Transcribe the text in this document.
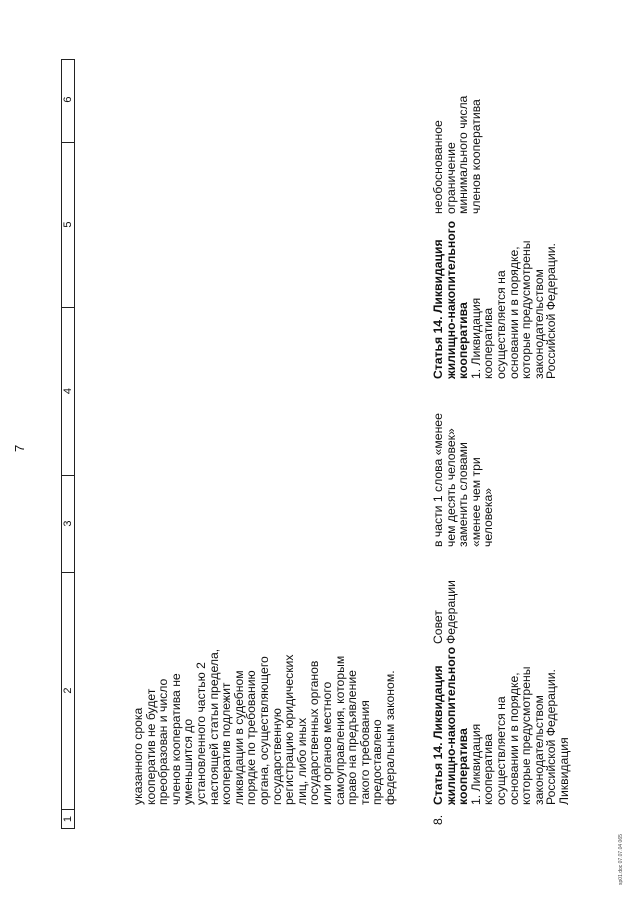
7
1
2
3
4
5
6
указанного срока
кооператив не будет
преобразован и число
членов кооператива не
уменьшится до
установленного частью 2
настоящей статьи предела,
кооператив подлежит
ликвидации в судебном
порядке по требованию
органа, осуществляющего
государственную
регистрацию юридических
лиц, либо иных
государственных органов
или органов местного
самоуправления, которым
право на предъявление
такого требования
предоставлено
федеральным законом.
8.
Статья 14. Ликвидация жилищно-накопительного кооператива
1. Ликвидация
кооператива
осуществляется на
основании и в порядке,
которые предусмотрены
законодательством
Российской Федерации.
Ликвидация
Совет
Федерации
в части 1 слова «менее
чем десять человек»
заменить словами
«менее чем три
человека»
Статья 14. Ликвидация жилищно-накопительного кооператива
1. Ликвидация
кооператива
осуществляется на
основании и в порядке,
которые предусмотрены
законодательством
Российской Федерации.
необоснованное
ограничение
минимального числа
членов кооператива
sp01.doc 07.07.04 065
